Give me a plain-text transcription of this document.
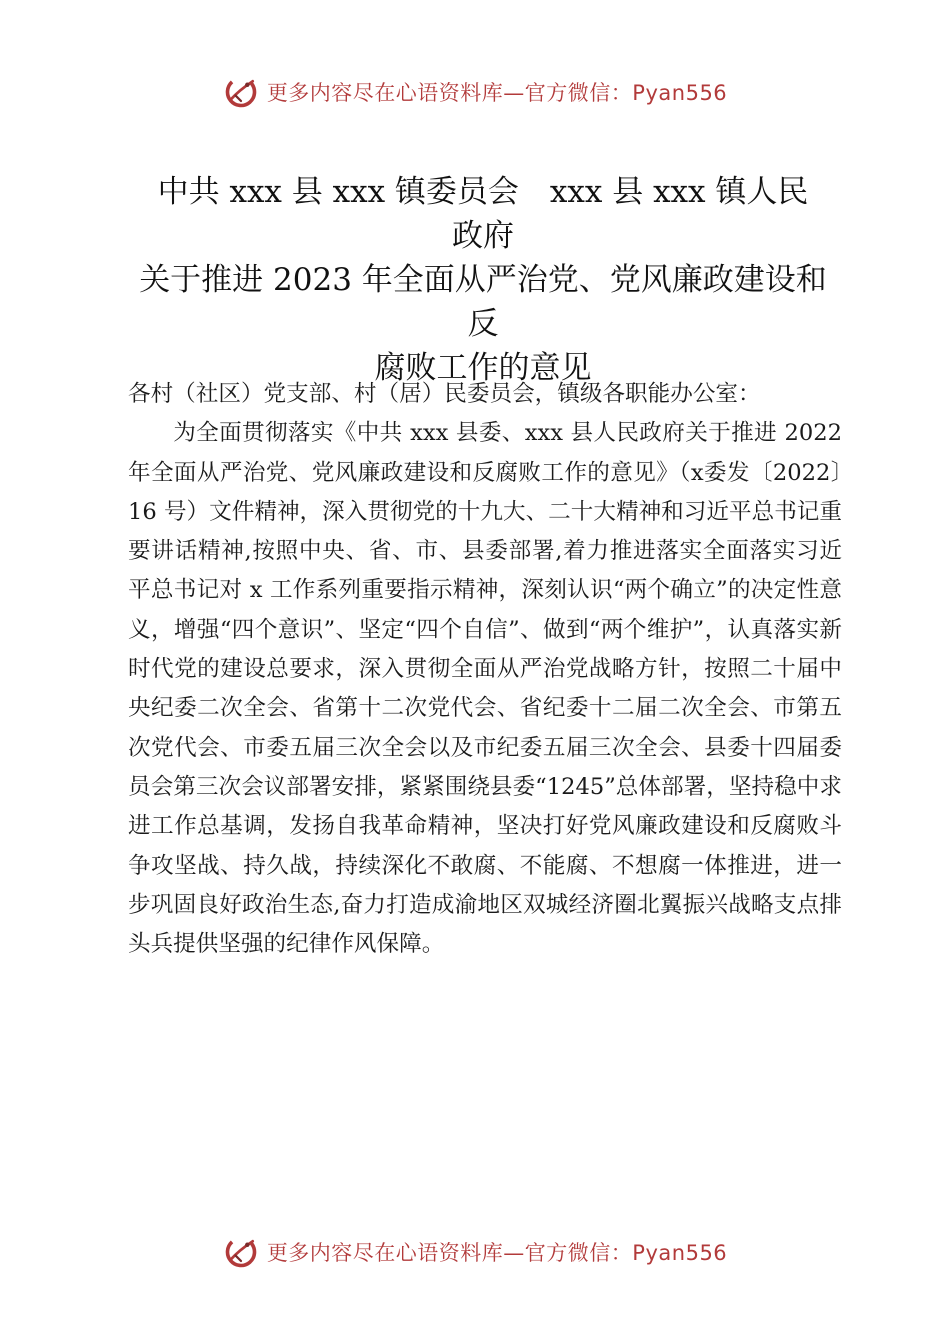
更多内容尽在心语资料库—官方微信：Pyan556
中共 xxx 县 xxx 镇委员会　xxx 县 xxx 镇人民
政府
关于推进 2023 年全面从严治党、党风廉政建设和反
腐败工作的意见
各村（社区）党支部、村（居）民委员会，镇级各职能办公室：
为全面贯彻落实《中共 xxx 县委、xxx 县人民政府关于推进 2022 年全面从严治党、党风廉政建设和反腐败工作的意见》（x委发〔2022〕16 号）文件精神，深入贯彻党的十九大、二十大精神和习近平总书记重要讲话精神,按照中央、省、市、县委部署,着力推进落实全面落实习近平总书记对 x 工作系列重要指示精神，深刻认识“两个确立”的决定性意义，增强“四个意识”、坚定“四个自信”、做到“两个维护”，认真落实新时代党的建设总要求，深入贯彻全面从严治党战略方针，按照二十届中央纪委二次全会、省第十二次党代会、省纪委十二届二次全会、市第五次党代会、市委五届三次全会以及市纪委五届三次全会、县委十四届委员会第三次会议部署安排，紧紧围绕县委“1245”总体部署，坚持稳中求进工作总基调，发扬自我革命精神，坚决打好党风廉政建设和反腐败斗争攻坚战、持久战，持续深化不敢腐、不能腐、不想腐一体推进，进一步巩固良好政治生态,奋力打造成渝地区双城经济圈北翼振兴战略支点排头兵提供坚强的纪律作风保障。
更多内容尽在心语资料库—官方微信：Pyan556
